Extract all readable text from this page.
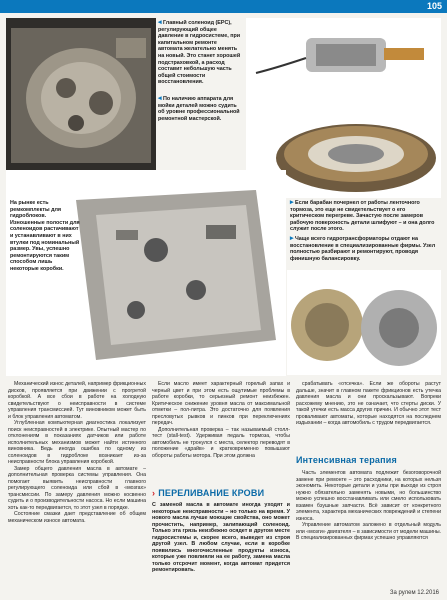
105

◂ Главный соленоид (EPC), регулирующий общее давление в гидросистеме, при капитальном ремонте автомата желательно менять на новый. Это станет хорошей подстраховкой, а расход составит небольшую часть общей стоимости восстановления.

◂ По наличию аппарата для мойки деталей можно судить об уровне профессиональной ремонтной мастерской.

▸ Если барабан почернел от работы ленточного тормоза, это еще не свидетельствует о его критическом перегреве. Зачастую после замеров рабочую поверхность детали шлифуют – и она долго служит после этого.

▸ Чаще всего гидротрансформаторы отдают на восстановление в специализированные фирмы. Узел полностью разбирают и ремонтируют, проводя финишную балансировку.

На рынке есть ремкомплекты для гидроблоков. Изношенные полости для соленоидов растачивают и устанавливают в них втулки под номинальный размер. Увы, успешно ремонтируются таким способом лишь некоторые коробки.

Механический износ деталей, например фрикционных дисков, проявляется при движении с прогретой коробкой. А все сбои в работе на холодную свидетельствуют о неисправности в системе управления трансмиссией. Тут виновником может быть и блок управления автоматом.

Углубленная компьютерная диагностика локализует поиск неисправностей в электрике. Опытный мастер по отклонениям в показаниях датчиков или работе исполнительных механизмов может найти истинного виновника. Ведь иногда ошибка по одному из соленоидов в гидроблоке возникает из-за неисправности блока управления коробкой.

Замер общего давления масла в автомате – дополнительная проверка системы управления. Она помогает выявить неисправности главного регулирующего соленоида или сбой в «мозгах» трансмиссии. По замеру давления можно косвенно судить и о производительности насоса. Но если машина хоть как-то передвигается, то этот узел в порядке.

Состояние смазки дает представление об общем механическом износе автомата.

Если масло имеет характерный горелый запах и черный цвет и при этом есть ощутимые проблемы в работе коробки, то серьезный ремонт неизбежен. Критическое снижение уровня масла от максимальной отметки – пол-литра. Это достаточно для появления пресловутых рывков и пинков при переключениях передач.

Дополнительная проверка – так называемый столл-тест (stall-test). Удерживая педаль тормоза, чтобы автомобиль не тронулся с места, селектор переводят в положение «драйв» и кратковременно повышают обороты работы мотора. При этом должна

› ПЕРЕЛИВАНИЕ КРОВИ
С заменой масла в автомате иногда уходят и некоторые неисправности – но только на время. У нового масла лучше моющие свойства, оно может прочистить, например, залипающий соленоид. Только эта грязь неизбежно осядет в другом месте гидросистемы и, скорее всего, выведет из строя другой узел. В любом случае, если в коробке появились многочисленные продукты износа, которые уже повлияли на ее работу, замена масла только отсрочит момент, когда автомат придется ремонтировать.

срабатывать «отсечка». Если же обороты растут дальше, значит в главном пакете фрикционов есть утечка давления масла и они проскальзывают. Вопреки расхожему мнению, это не означает, что стерты диски. У такой утечки есть масса других причин. И обычно этот тест проваливают автоматы, которые находятся на последнем издыхании – когда автомобиль с трудом передвигается.

Интенсивная терапия

Часть элементов автомата подлежит безоговорочной замене при ремонте – это расходники, на которых нельзя экономить. Некоторые детали и узлы при выходе из строя нужно обязательно заменять новыми, но большинство можно успешно восстанавливать или смело использовать взамен бэушные запчасти. Всё зависит от конкретного элемента, характера механических повреждений и степени износа.

Управление автоматом заложено в отдельный модуль или «мозги» двигателя – в зависимости от модели машины. В специализированных фирмах успешно управляются

За рулем 12.2016
